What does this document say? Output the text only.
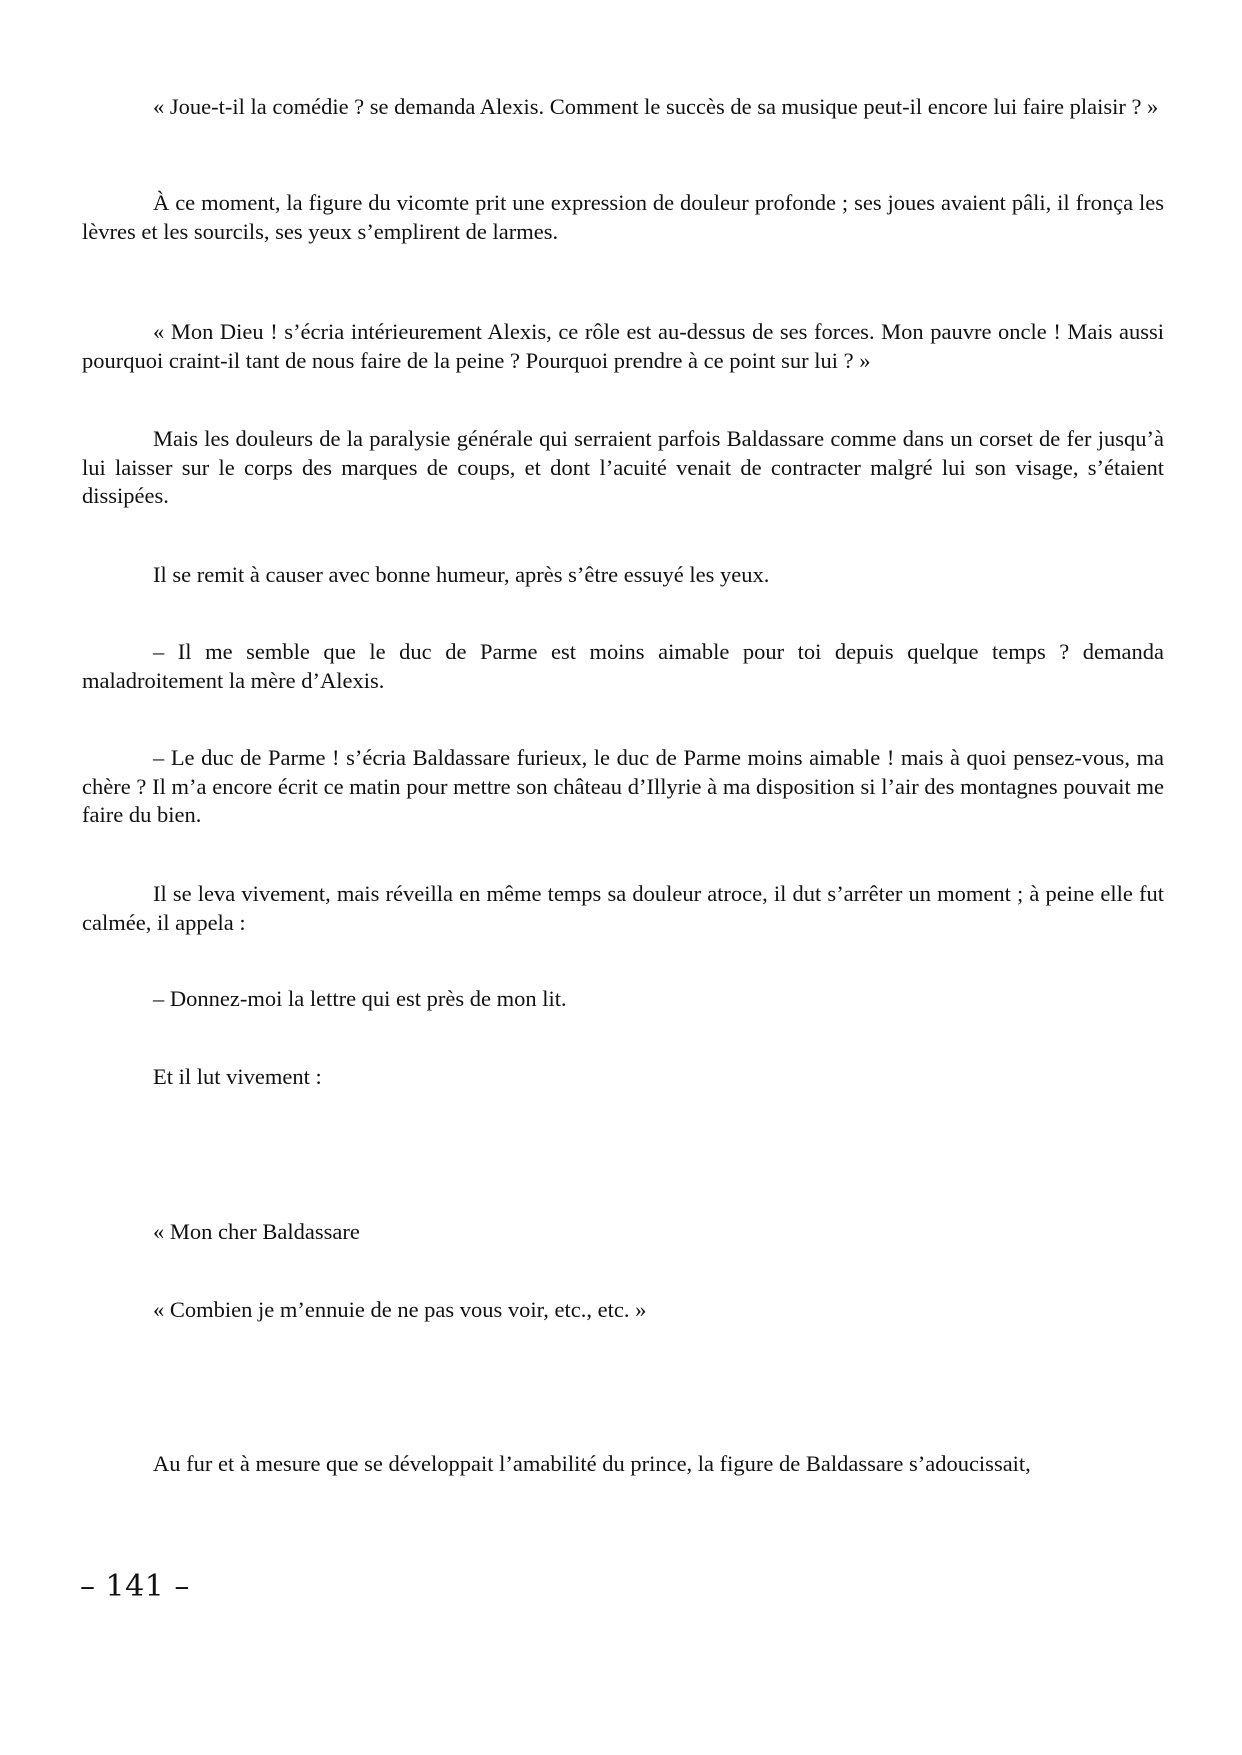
« Joue-t-il la comédie ? se demanda Alexis. Comment le succès de sa musique peut-il encore lui faire plaisir ? »

À ce moment, la figure du vicomte prit une expression de douleur profonde ; ses joues avaient pâli, il fronça les lèvres et les sourcils, ses yeux s’emplirent de larmes.

« Mon Dieu ! s’écria intérieurement Alexis, ce rôle est au-dessus de ses forces. Mon pauvre oncle ! Mais aussi pourquoi craint-il tant de nous faire de la peine ? Pourquoi prendre à ce point sur lui ? »

Mais les douleurs de la paralysie générale qui serraient parfois Baldassare comme dans un corset de fer jusqu’à lui laisser sur le corps des marques de coups, et dont l’acuité venait de contracter malgré lui son visage, s’étaient dissipées.

Il se remit à causer avec bonne humeur, après s’être essuyé les yeux.

– Il me semble que le duc de Parme est moins aimable pour toi depuis quelque temps ? demanda maladroitement la mère d’Alexis.

– Le duc de Parme ! s’écria Baldassare furieux, le duc de Parme moins aimable ! mais à quoi pensez-vous, ma chère ? Il m’a encore écrit ce matin pour mettre son château d’Illyrie à ma disposition si l’air des montagnes pouvait me faire du bien.

Il se leva vivement, mais réveilla en même temps sa douleur atroce, il dut s’arrêter un moment ; à peine elle fut calmée, il appela :

– Donnez-moi la lettre qui est près de mon lit.

Et il lut vivement :

« Mon cher Baldassare

« Combien je m’ennuie de ne pas vous voir, etc., etc. »

Au fur et à mesure que se développait l’amabilité du prince, la figure de Baldassare s’adoucissait,

– 141 –
